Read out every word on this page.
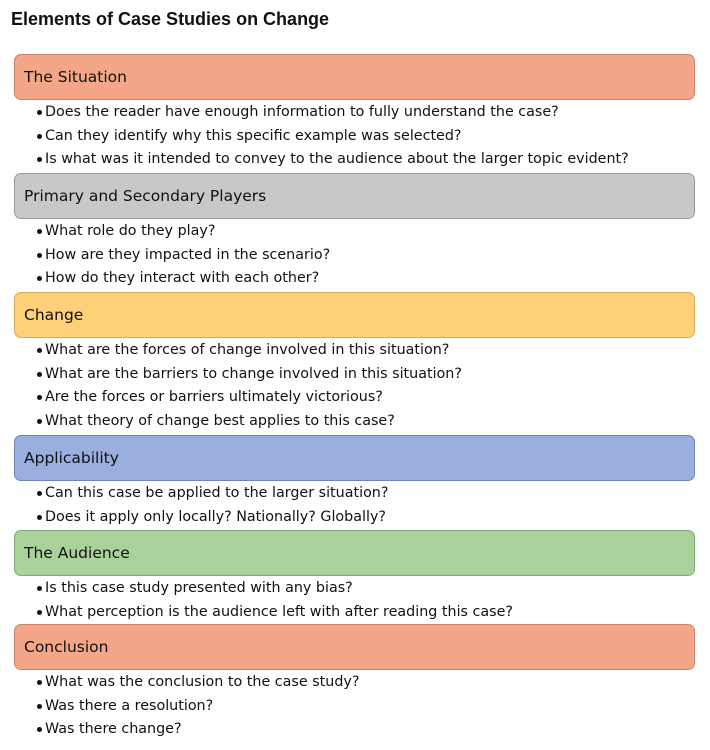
Elements of Case Studies on Change
The Situation
Does the reader have enough information to fully understand the case?
Can they identify why this specific example was selected?
Is what was it intended to convey to the audience about the larger topic evident?
Primary and Secondary Players
What role do they play?
How are they impacted in the scenario?
How do they interact with each other?
Change
What are the forces of change involved in this situation?
What are the barriers to change involved in this situation?
Are the forces or barriers ultimately victorious?
What theory of change best applies to this case?
Applicability
Can this case be applied to the larger situation?
Does it apply only locally? Nationally? Globally?
The Audience
Is this case study presented with any bias?
What perception is the audience left with after reading this case?
Conclusion
What was the conclusion to the case study?
Was there a resolution?
Was there change?
